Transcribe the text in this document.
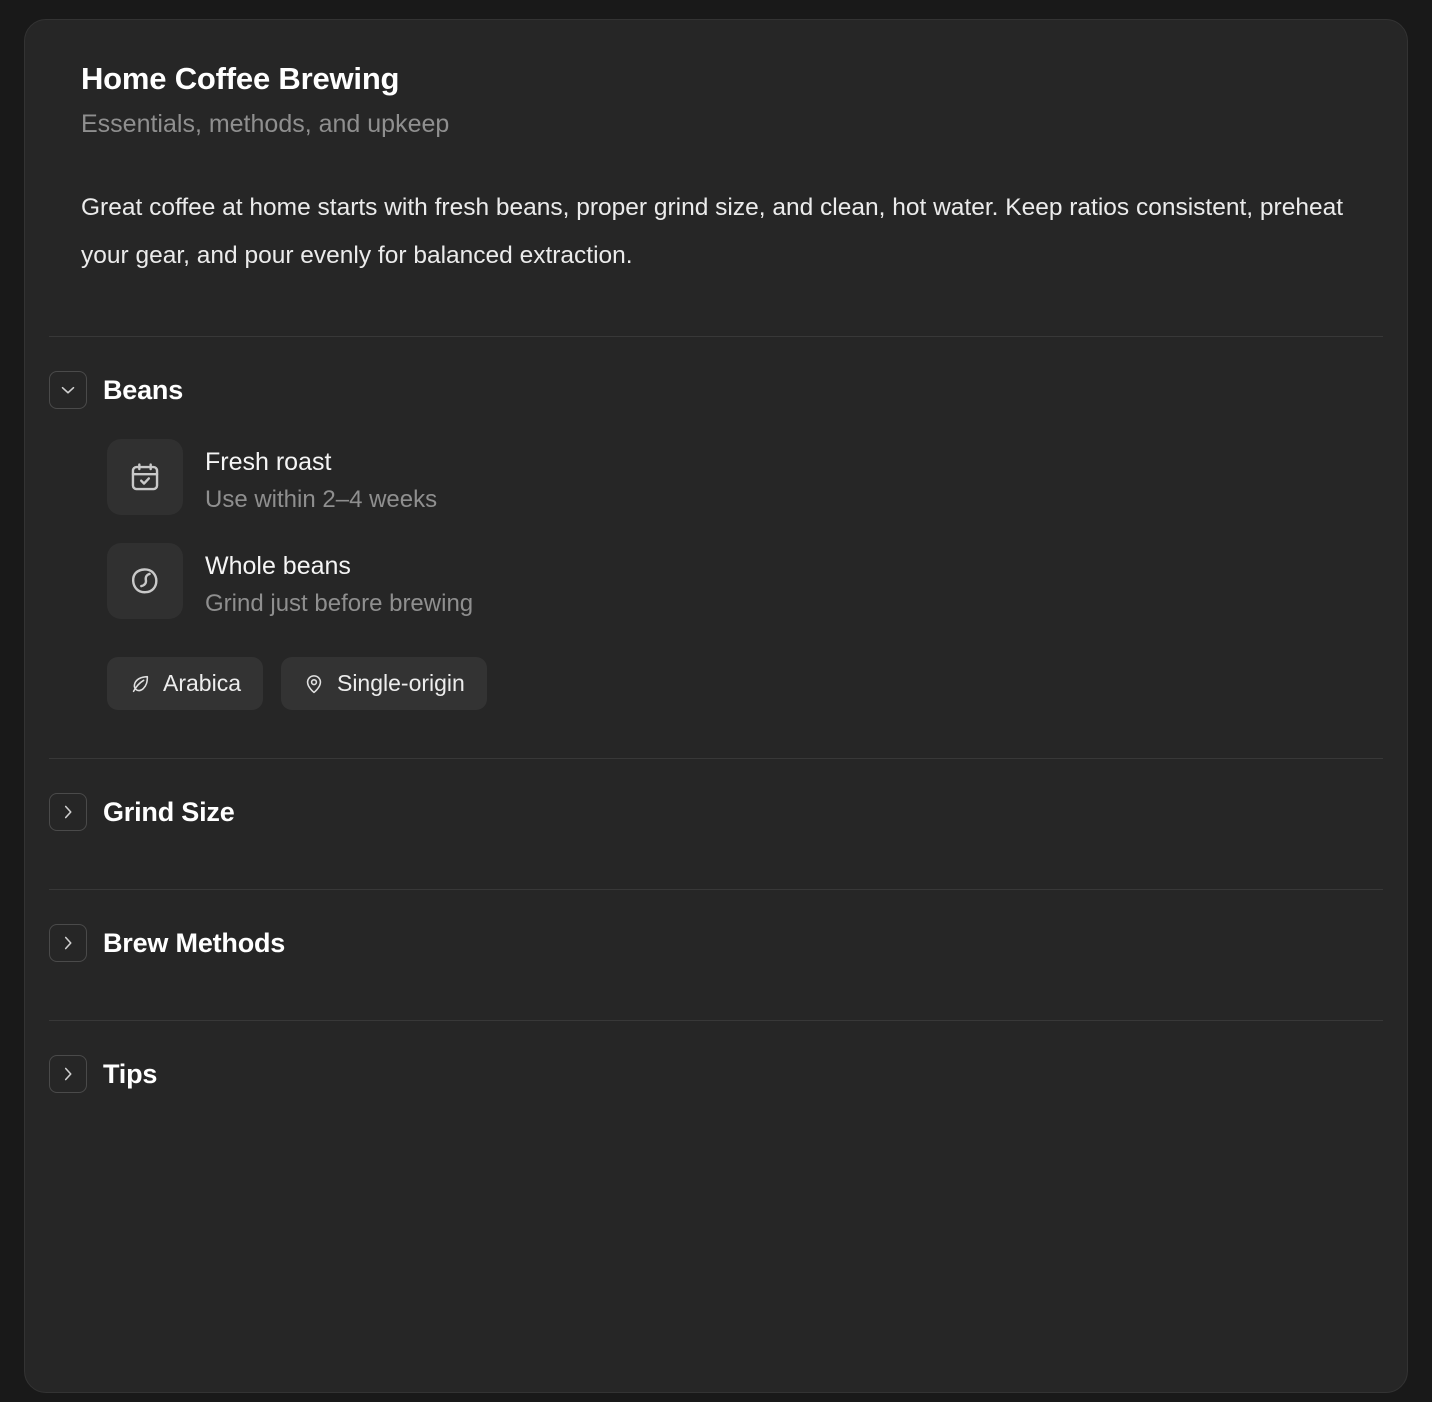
Home Coffee Brewing
Essentials, methods, and upkeep

Great coffee at home starts with fresh beans, proper grind size, and clean, hot water. Keep ratios consistent, preheat your gear, and pour evenly for balanced extraction.

Beans
Fresh roast
Use within 2–4 weeks
Whole beans
Grind just before brewing
Arabica	Single-origin
Grind Size
Brew Methods
Tips
